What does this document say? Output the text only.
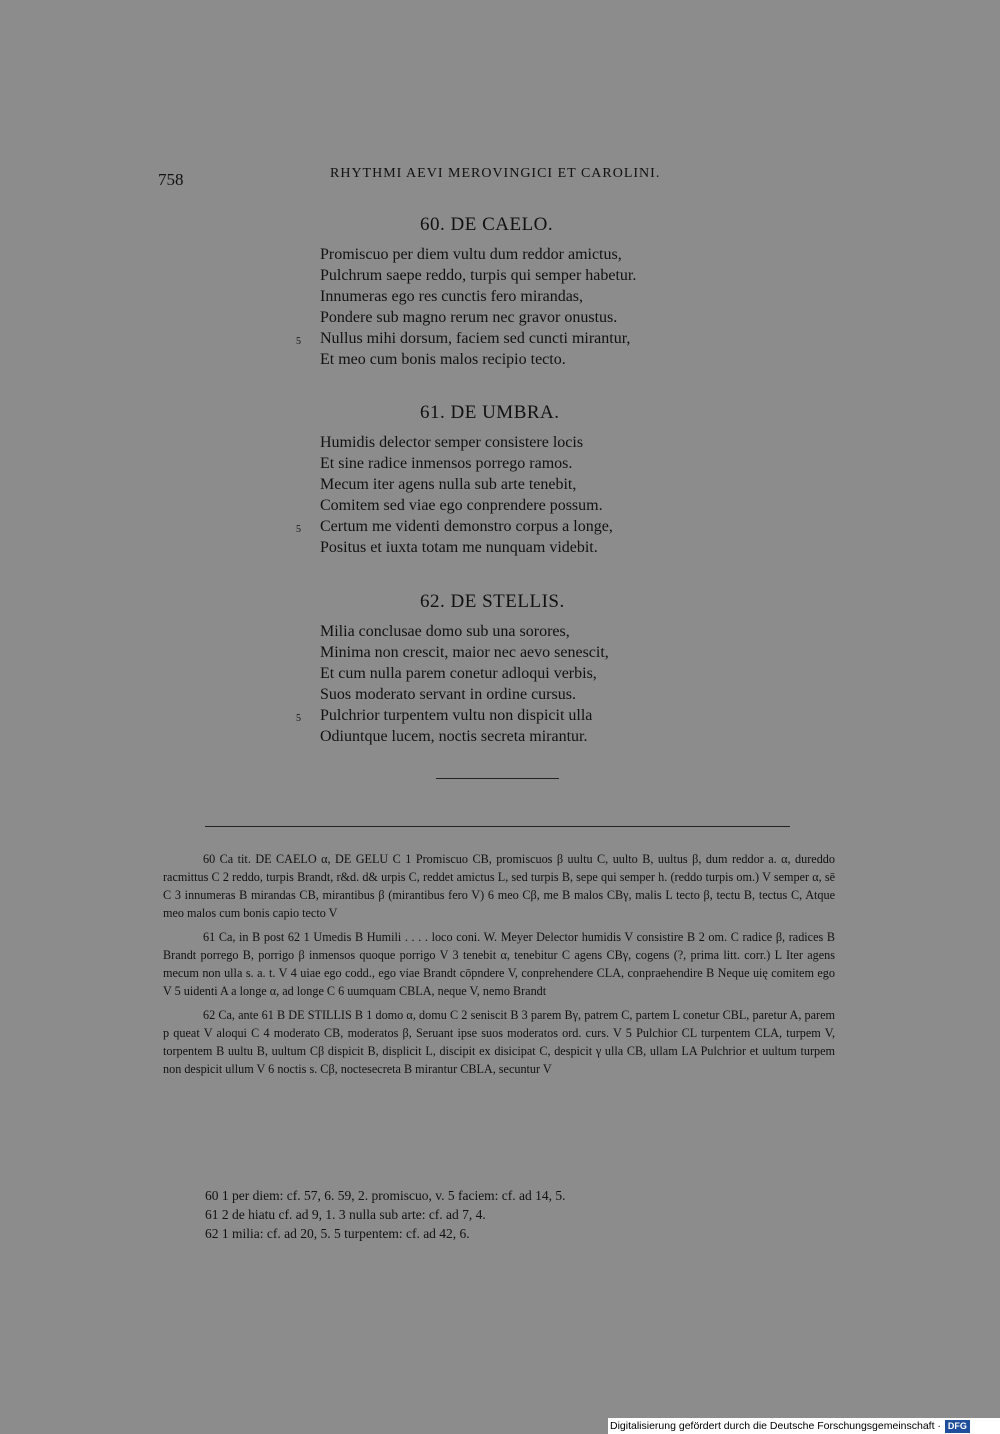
758	RHYTHMI AEVI MEROVINGICI ET CAROLINI.
60. DE CAELO.
Promiscuo per diem vultu dum reddor amictus,
Pulchrum saepe reddo, turpis qui semper habetur.
Innumeras ego res cunctis fero mirandas,
Pondere sub magno rerum nec gravor onustus.
5 Nullus mihi dorsum, faciem sed cuncti mirantur,
Et meo cum bonis malos recipio tecto.
61. DE UMBRA.
Humidis delector semper consistere locis
Et sine radice inmensos porrego ramos.
Mecum iter agens nulla sub arte tenebit,
Comitem sed viae ego conprendere possum.
5 Certum me videnti demonstro corpus a longe,
Positus et iuxta totam me nunquam videbit.
62. DE STELLIS.
Milia conclusae domo sub una sorores,
Minima non crescit, maior nec aevo senescit,
Et cum nulla parem conetur adloqui verbis,
Suos moderato servant in ordine cursus.
5 Pulchrior turpentem vultu non dispicit ulla
Odiuntque lucem, noctis secreta mirantur.

60 Ca tit. DE CAELO α, DE GELU C 1 Promiscuo CB, promiscuos β uultu C, uulto B, uultus β, dum reddor a. α, dureddo racmittus C 2 reddo, turpis Brandt, r&d. d& urpis C, reddet amictus L, sed turpis B, sepe qui semper h. (reddo turpis om.) V semper α, sē C 3 innumeras B mirandas CB, mirantibus β (mirantibus fero V) 6 meo Cβ, me B malos CBγ, malis L tecto β, tectu B, tectus C, Atque meo malos cum bonis capio tecto V

61 Ca, in B post 62 1 Umedis B Humili . . . . loco coni. W. Meyer Delector humidis V consistire B 2 om. C radice β, radices B Brandt porrego B, porrigo β inmensos quoque porrigo V 3 tenebit α, tenebitur C agens CBγ, cogens (?, prima litt. corr.) L Iter agens mecum non ulla s. a. t. V 4 uiae ego codd., ego viae Brandt cōpndere V, conprehendere CLA, conpraehendire B Neque uię comitem ego V 5 uidenti A a longe α, ad longe C 6 uumquam CBLA, neque V, nemo Brandt

62 Ca, ante 61 B DE STILLIS B 1 domo α, domu C 2 seniscit B 3 parem Bγ, patrem C, partem L conetur CBL, paretur A, parem p queat V aloqui C 4 moderato CB, moderatos β, Seruant ipse suos moderatos ord. curs. V 5 Pulchior CL turpentem CLA, turpem V, torpentem B uultu B, uultum Cβ dispicit B, displicit L, discipit ex disicipat C, despicit γ ulla CB, ullam LA Pulchrior et uultum turpem non despicit ullum V 6 noctis s. Cβ, noctesecreta B mirantur CBLA, secuntur V

60 1 per diem: cf. 57, 6. 59, 2. promiscuo, v. 5 faciem: cf. ad 14, 5.
61 2 de hiatu cf. ad 9, 1. 3 nulla sub arte: cf. ad 7, 4.
62 1 milia: cf. ad 20, 5. 5 turpentem: cf. ad 42, 6.
Digitalisierung gefördert durch die Deutsche Forschungsgemeinschaft · DFG
